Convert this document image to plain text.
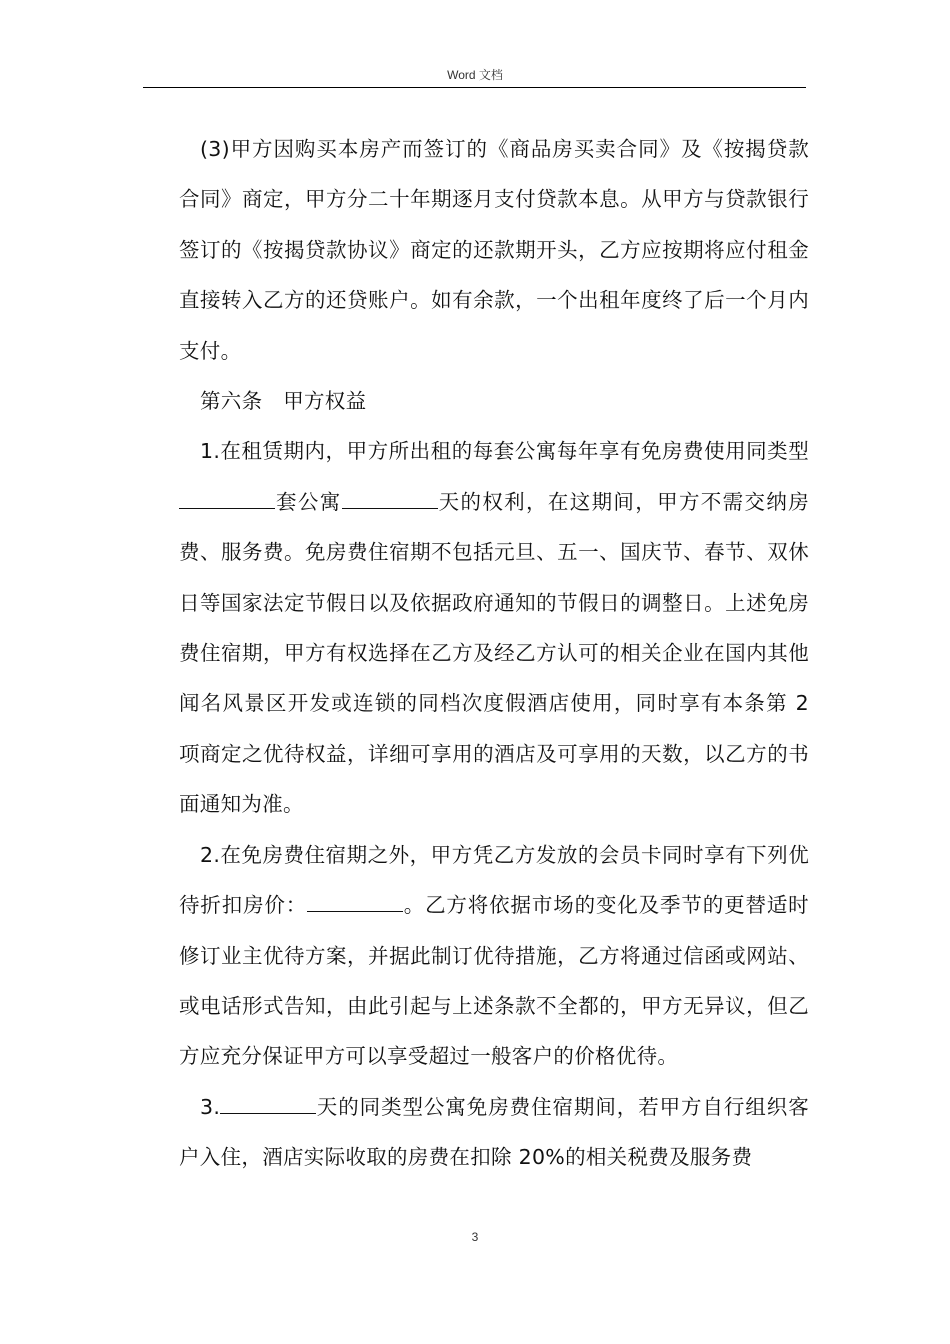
Word 文档

(3)甲方因购买本房产而签订的《商品房买卖合同》及《按揭贷款合同》商定，甲方分二十年期逐月支付贷款本息。从甲方与贷款银行签订的《按揭贷款协议》商定的还款期开头，乙方应按期将应付租金直接转入乙方的还贷账户。如有余款，一个出租年度终了后一个月内支付。

第六条　甲方权益

1.在租赁期内，甲方所出租的每套公寓每年享有免房费使用同类型套公寓	天的权利，在这期间，甲方不需交纳房费、服务费。免房费住宿期不包括元旦、五一、国庆节、春节、双休日等国家法定节假日以及依据政府通知的节假日的调整日。上述免房费住宿期，甲方有权选择在乙方及经乙方认可的相关企业在国内其他闻名风景区开发或连锁的同档次度假酒店使用，同时享有本条第 2 项商定之优待权益，详细可享用的酒店及可享用的天数，以乙方的书面通知为准。

2.在免房费住宿期之外，甲方凭乙方发放的会员卡同时享有下列优待折扣房价：	。乙方将依据市场的变化及季节的更替适时修订业主优待方案，并据此制订优待措施，乙方将通过信函或网站、或电话形式告知，由此引起与上述条款不全都的，甲方无异议，但乙方应充分保证甲方可以享受超过一般客户的价格优待。

3.	天的同类型公寓免房费住宿期间，若甲方自行组织客户入住，酒店实际收取的房费在扣除 20%的相关税费及服务费

3
